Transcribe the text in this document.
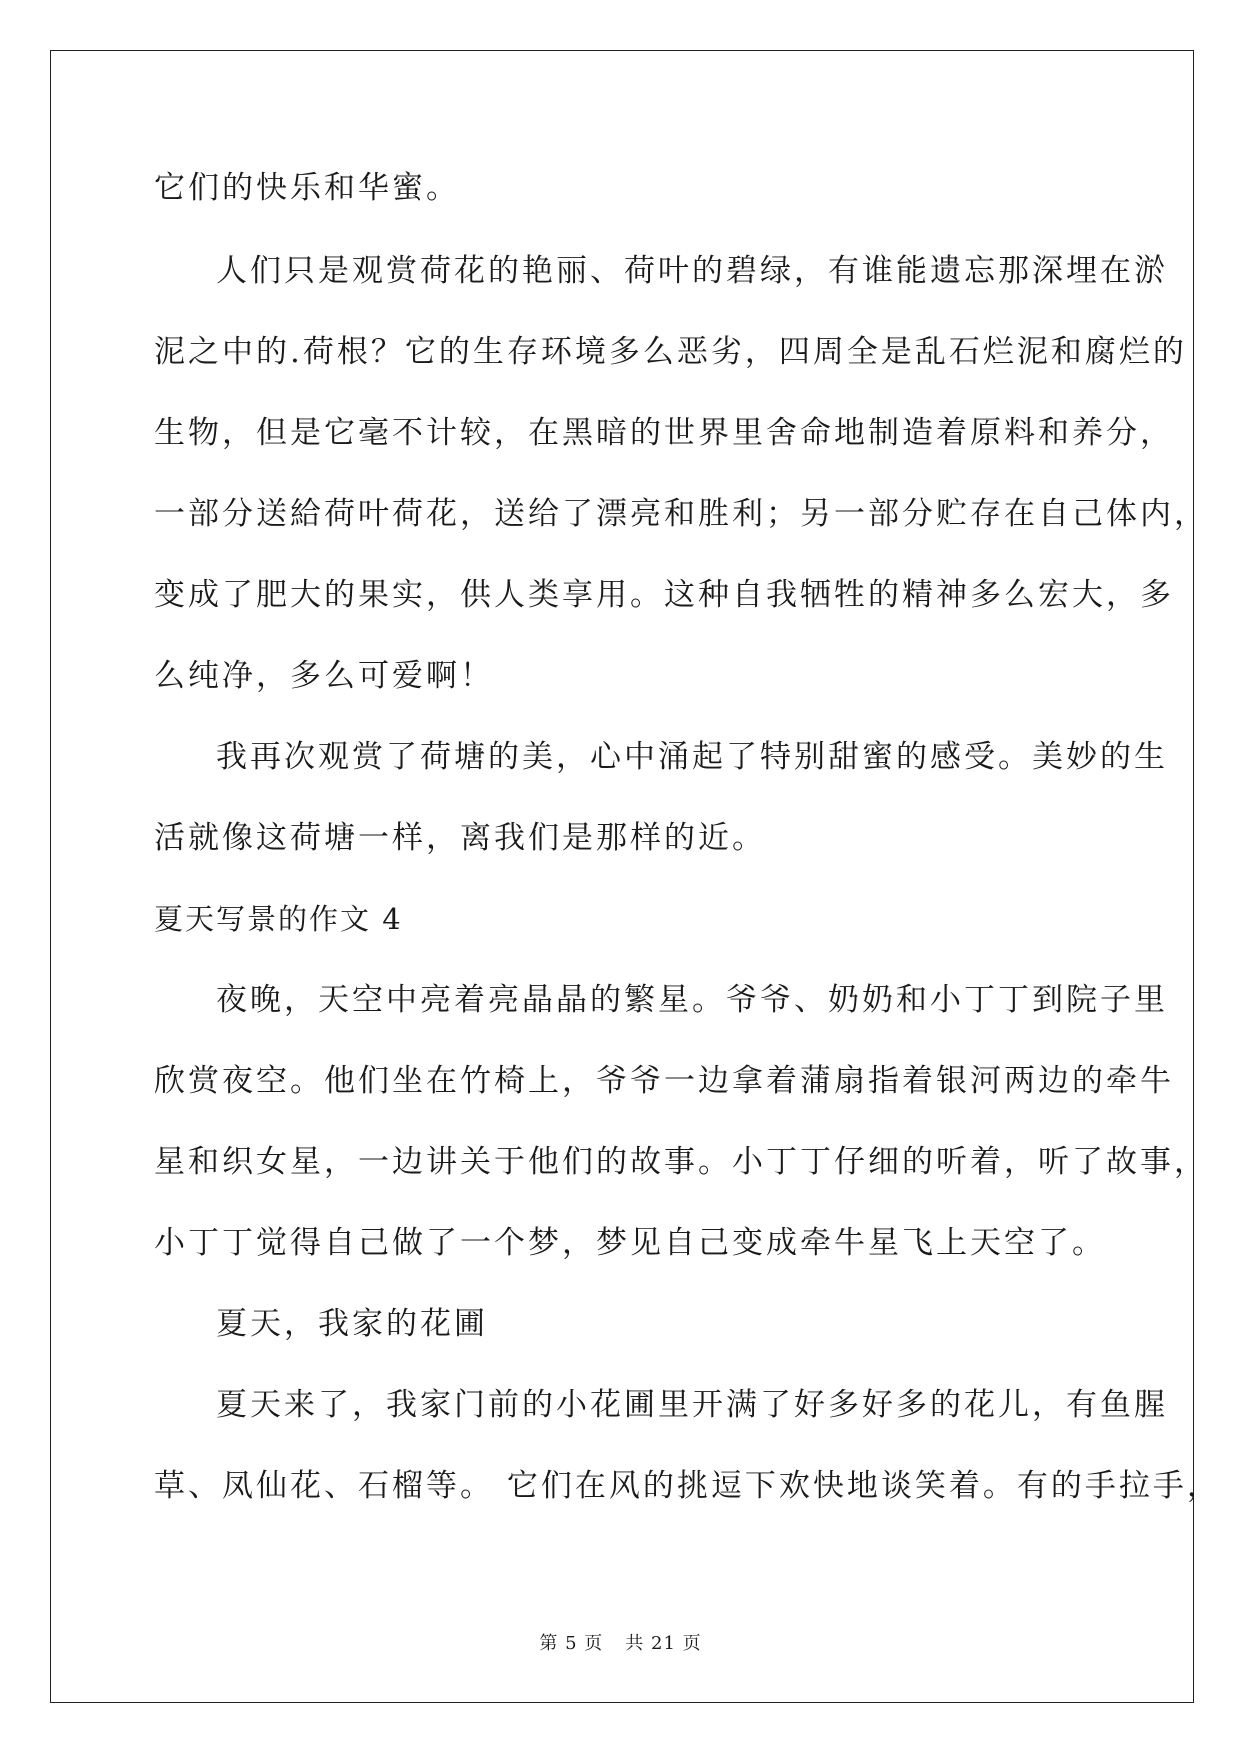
它们的快乐和华蜜。
人们只是观赏荷花的艳丽、荷叶的碧绿，有谁能遗忘那深埋在淤
泥之中的.荷根？它的生存环境多么恶劣，四周全是乱石烂泥和腐烂的
生物，但是它毫不计较，在黑暗的世界里舍命地制造着原料和养分，
一部分送給荷叶荷花，送给了漂亮和胜利；另一部分贮存在自己体内，
变成了肥大的果实，供人类享用。这种自我牺牲的精神多么宏大，多
么纯净，多么可爱啊！
我再次观赏了荷塘的美，心中涌起了特别甜蜜的感受。美妙的生
活就像这荷塘一样，离我们是那样的近。
夏天写景的作文 4
夜晚，天空中亮着亮晶晶的繁星。爷爷、奶奶和小丁丁到院子里
欣赏夜空。他们坐在竹椅上，爷爷一边拿着蒲扇指着银河两边的牵牛
星和织女星，一边讲关于他们的故事。小丁丁仔细的听着，听了故事，
小丁丁觉得自己做了一个梦，梦见自己变成牵牛星飞上天空了。
夏天，我家的花圃
夏天来了，我家门前的小花圃里开满了好多好多的花儿，有鱼腥
草、凤仙花、石榴等。 它们在风的挑逗下欢快地谈笑着。有的手拉手，
第 5 页 共 21 页
